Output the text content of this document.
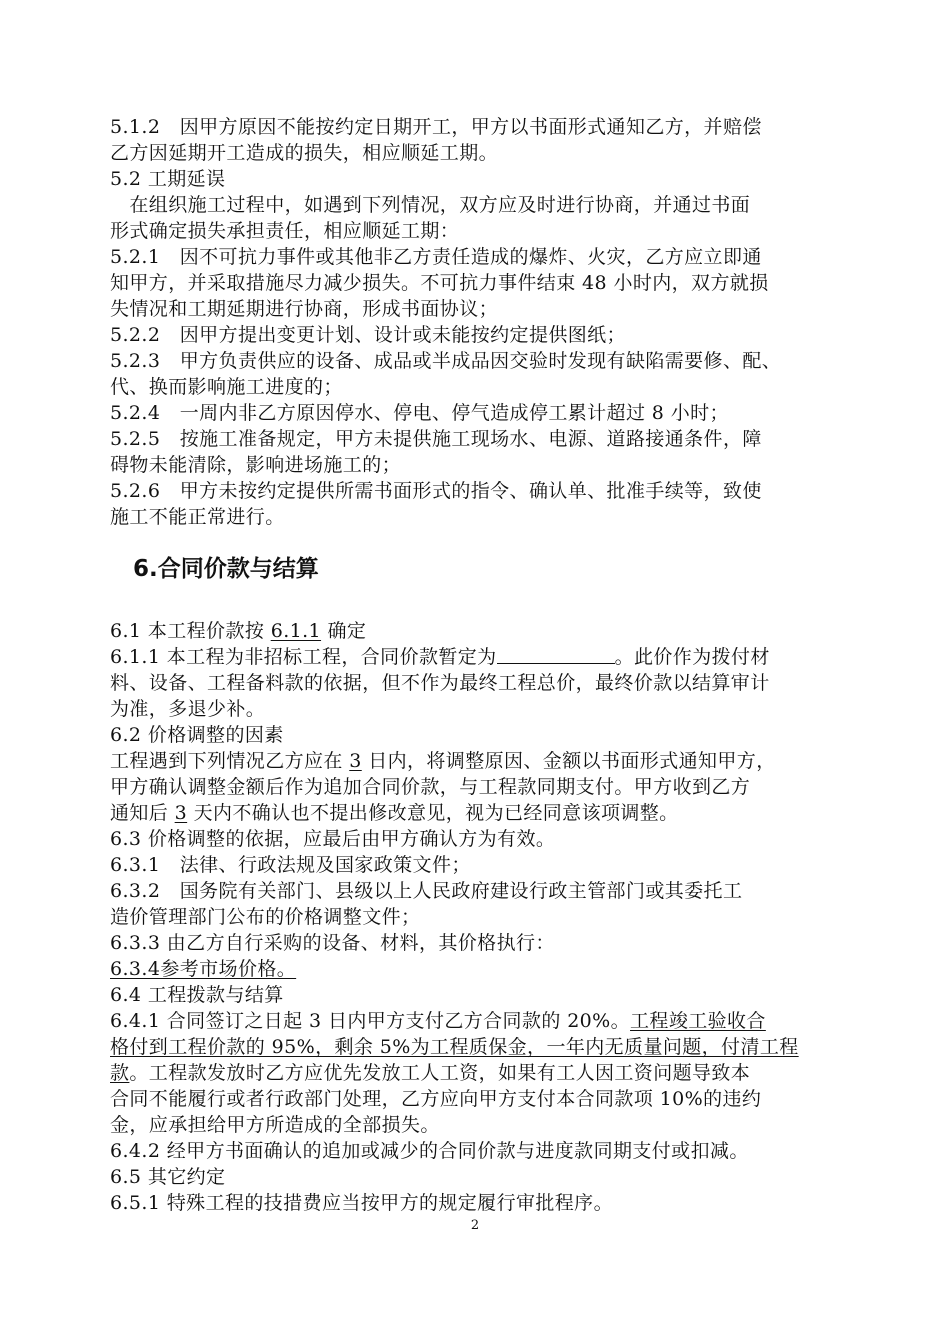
5.1.2　因甲方原因不能按约定日期开工，甲方以书面形式通知乙方，并赔偿
乙方因延期开工造成的损失，相应顺延工期。
5.2 工期延误
　在组织施工过程中，如遇到下列情况，双方应及时进行协商，并通过书面
形式确定损失承担责任，相应顺延工期：
5.2.1　因不可抗力事件或其他非乙方责任造成的爆炸、火灾，乙方应立即通
知甲方，并采取措施尽力减少损失。不可抗力事件结束 48 小时内，双方就损
失情况和工期延期进行协商，形成书面协议；
5.2.2　因甲方提出变更计划、设计或未能按约定提供图纸；
5.2.3　甲方负责供应的设备、成品或半成品因交验时发现有缺陷需要修、配、
代、换而影响施工进度的；
5.2.4　一周内非乙方原因停水、停电、停气造成停工累计超过 8 小时；
5.2.5　按施工准备规定，甲方未提供施工现场水、电源、道路接通条件，障
碍物未能清除，影响进场施工的；
5.2.6　甲方未按约定提供所需书面形式的指令、确认单、批准手续等，致使
施工不能正常进行。
6.合同价款与结算
6.1 本工程价款按 6.1.1 确定
6.1.1 本工程为非招标工程，合同价款暂定为	。此价作为拨付材
料、设备、工程备料款的依据，但不作为最终工程总价，最终价款以结算审计
为准，多退少补。
6.2 价格调整的因素
工程遇到下列情况乙方应在 3 日内，将调整原因、金额以书面形式通知甲方，
甲方确认调整金额后作为追加合同价款，与工程款同期支付。甲方收到乙方
通知后 3 天内不确认也不提出修改意见，视为已经同意该项调整。
6.3 价格调整的依据，应最后由甲方确认方为有效。
6.3.1　法律、行政法规及国家政策文件；
6.3.2　国务院有关部门、县级以上人民政府建设行政主管部门或其委托工
造价管理部门公布的价格调整文件；
6.3.3 由乙方自行采购的设备、材料，其价格执行：
6.3.4参考市场价格。
6.4 工程拨款与结算
6.4.1 合同签订之日起 3 日内甲方支付乙方合同款的 20%。工程竣工验收合
格付到工程价款的 95%，剩余 5%为工程质保金，一年内无质量问题，付清工程
款。工程款发放时乙方应优先发放工人工资，如果有工人因工资问题导致本
合同不能履行或者行政部门处理，乙方应向甲方支付本合同款项 10%的违约
金，应承担给甲方所造成的全部损失。
6.4.2 经甲方书面确认的追加或减少的合同价款与进度款同期支付或扣减。
6.5 其它约定
6.5.1 特殊工程的技措费应当按甲方的规定履行审批程序。
2
